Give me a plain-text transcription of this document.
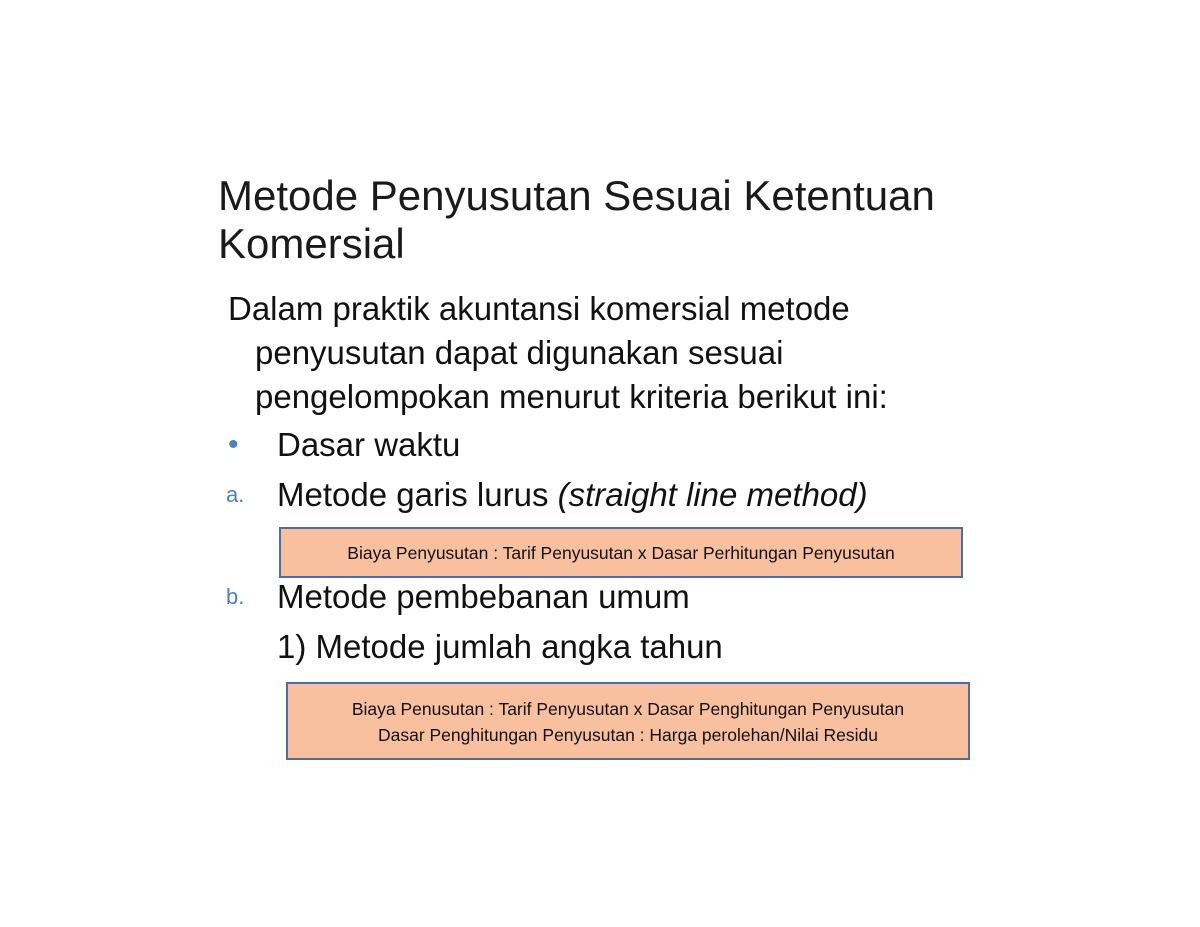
Metode Penyusutan Sesuai Ketentuan
Komersial
Dalam praktik akuntansi komersial metode
penyusutan dapat digunakan sesuai
pengelompokan menurut kriteria berikut ini:
•	Dasar waktu
a. Metode garis lurus (straight line method)
Biaya Penyusutan : Tarif Penyusutan x Dasar Perhitungan Penyusutan
b. Metode pembebanan umum
1) Metode jumlah angka tahun
Biaya Penusutan : Tarif Penyusutan x Dasar Penghitungan Penyusutan
Dasar Penghitungan Penyusutan : Harga perolehan/Nilai Residu
